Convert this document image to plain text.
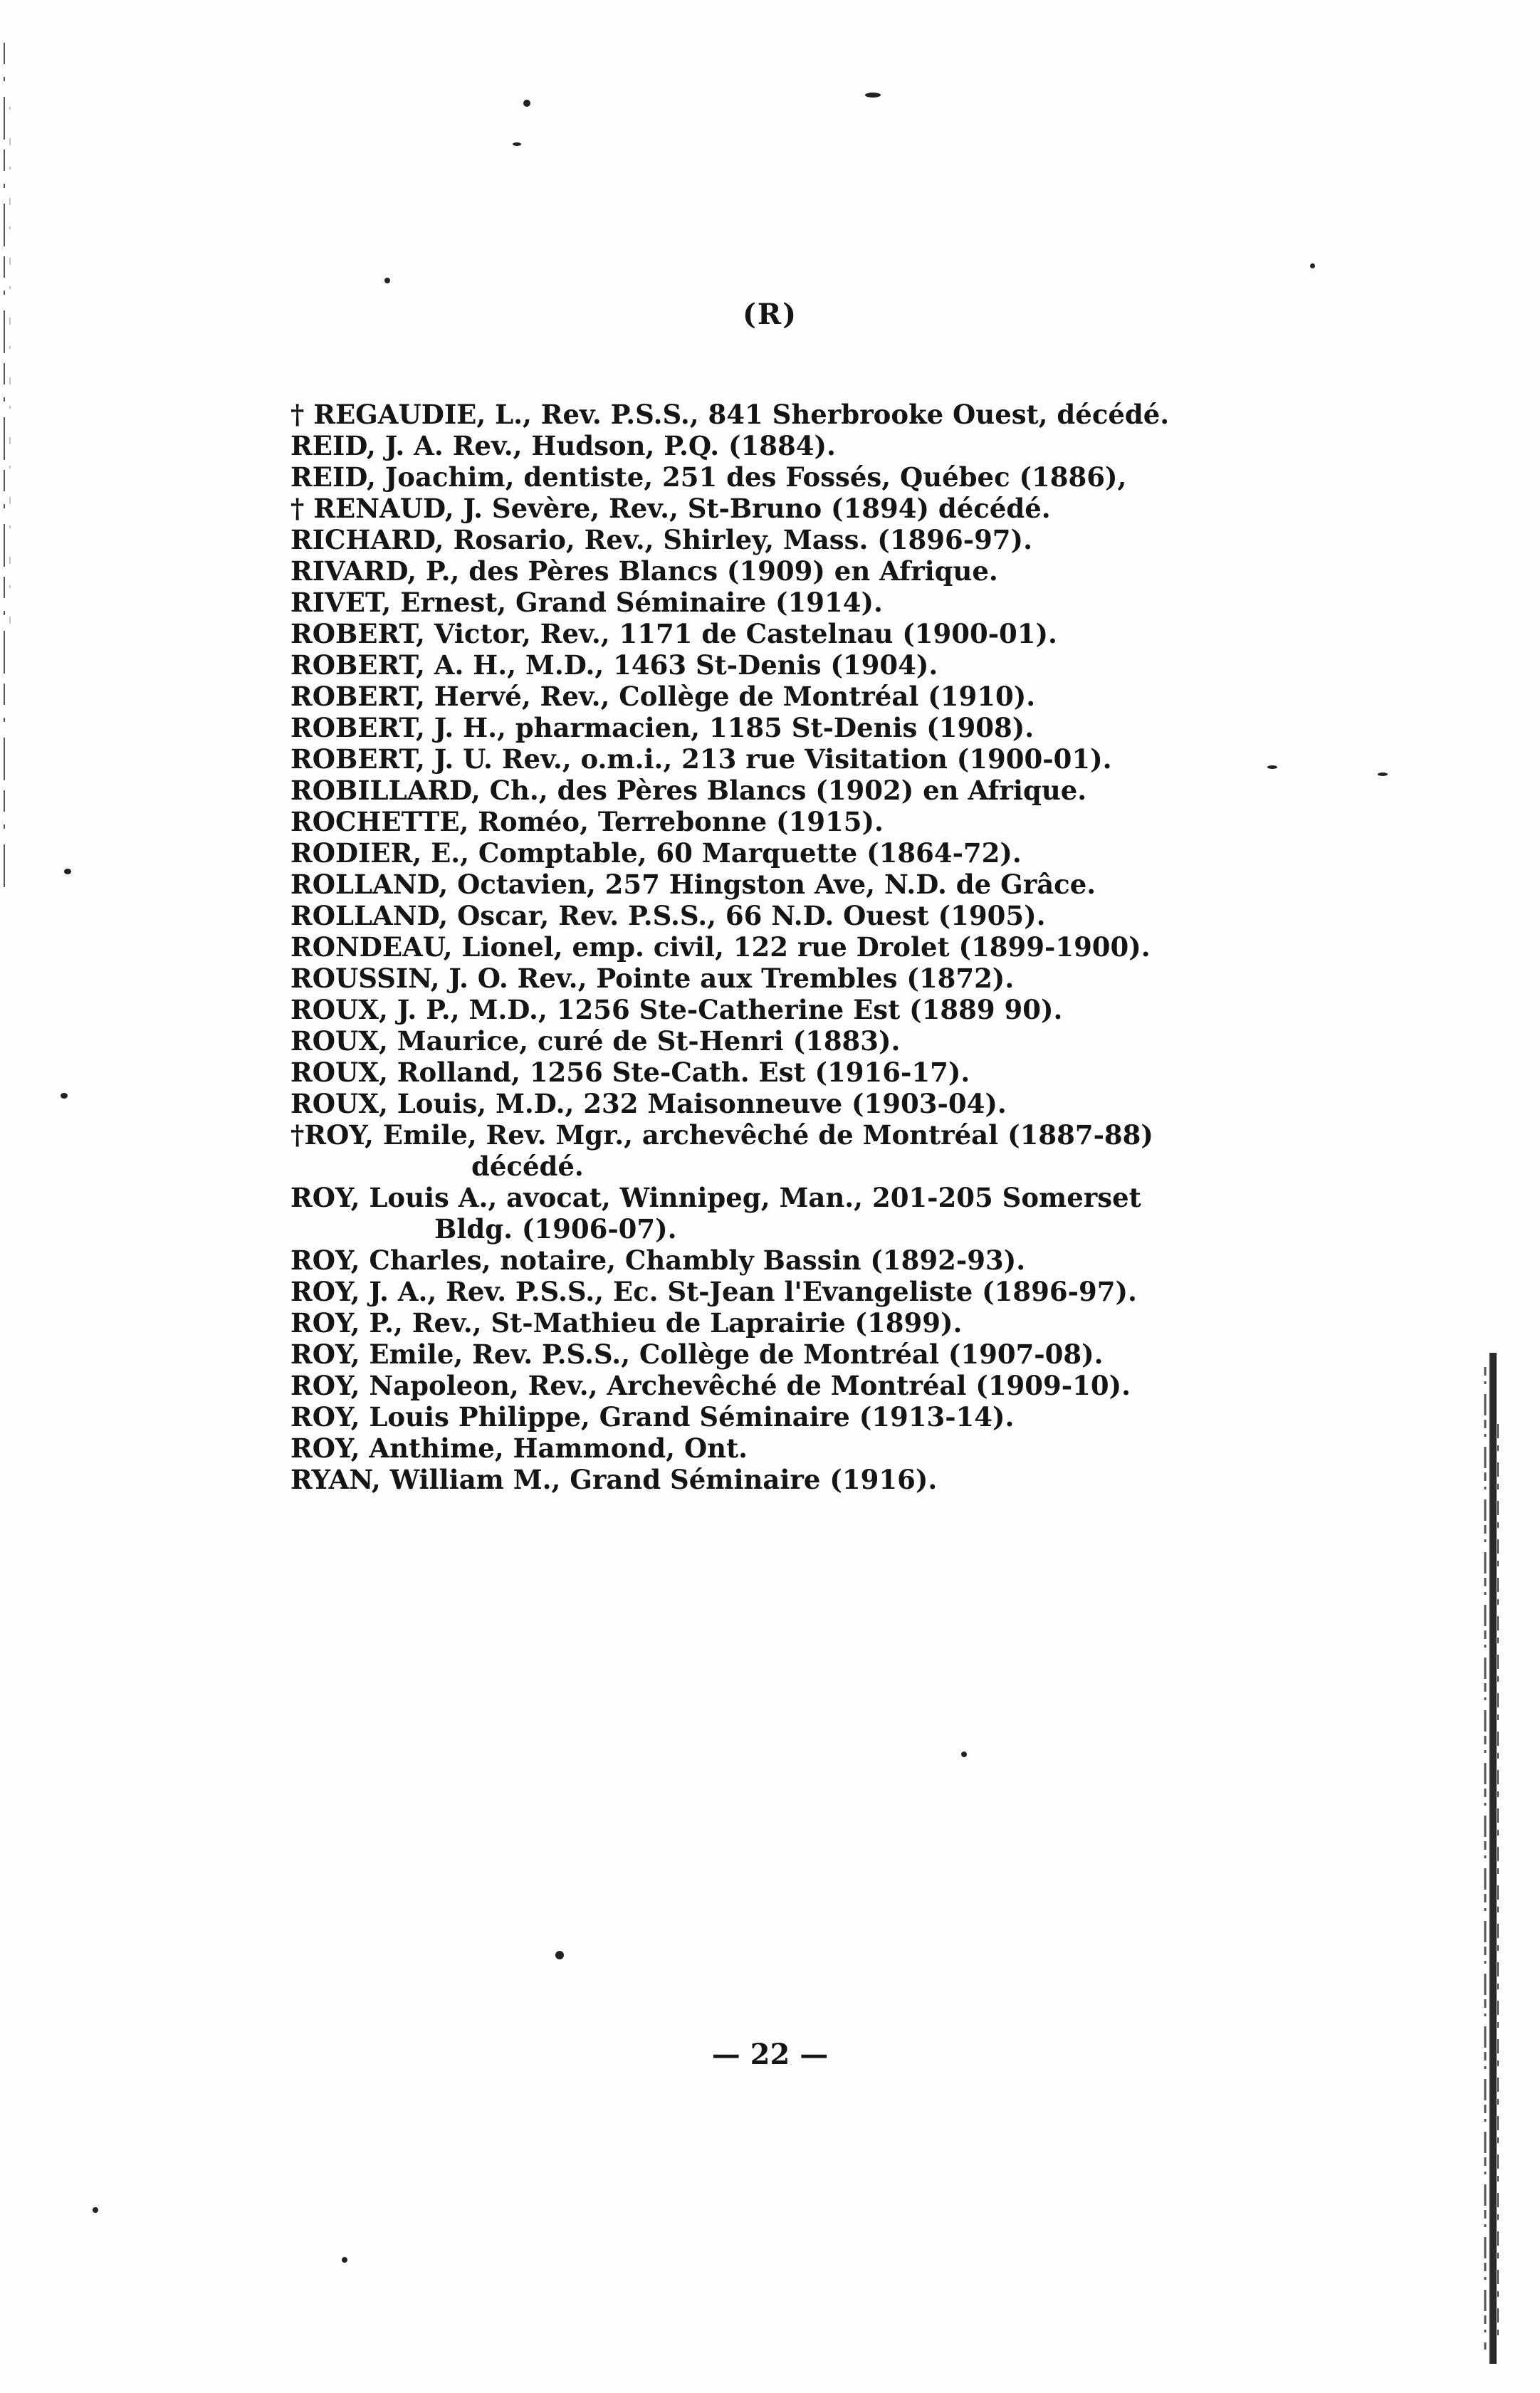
(R)
† REGAUDIE, L., Rev. P.S.S., 841 Sherbrooke Ouest, décédé.
REID, J. A. Rev., Hudson, P.Q. (1884).
REID, Joachim, dentiste, 251 des Fossés, Québec (1886),
† RENAUD, J. Sevère, Rev., St-Bruno (1894) décédé.
RICHARD, Rosario, Rev., Shirley, Mass. (1896-97).
RIVARD, P., des Pères Blancs (1909) en Afrique.
RIVET, Ernest, Grand Séminaire (1914).
ROBERT, Victor, Rev., 1171 de Castelnau (1900-01).
ROBERT, A. H., M.D., 1463 St-Denis (1904).
ROBERT, Hervé, Rev., Collège de Montréal (1910).
ROBERT, J. H., pharmacien, 1185 St-Denis (1908).
ROBERT, J. U. Rev., o.m.i., 213 rue Visitation (1900-01).
ROBILLARD, Ch., des Pères Blancs (1902) en Afrique.
ROCHETTE, Roméo, Terrebonne (1915).
RODIER, E., Comptable, 60 Marquette (1864-72).
ROLLAND, Octavien, 257 Hingston Ave, N.D. de Grâce.
ROLLAND, Oscar, Rev. P.S.S., 66 N.D. Ouest (1905).
RONDEAU, Lionel, emp. civil, 122 rue Drolet (1899-1900).
ROUSSIN, J. O. Rev., Pointe aux Trembles (1872).
ROUX, J. P., M.D., 1256 Ste-Catherine Est (1889 90).
ROUX, Maurice, curé de St-Henri (1883).
ROUX, Rolland, 1256 Ste-Cath. Est (1916-17).
ROUX, Louis, M.D., 232 Maisonneuve (1903-04).
†ROY, Emile, Rev. Mgr., archevêché de Montréal (1887-88)
décédé.
ROY, Louis A., avocat, Winnipeg, Man., 201-205 Somerset
Bldg. (1906-07).
ROY, Charles, notaire, Chambly Bassin (1892-93).
ROY, J. A., Rev. P.S.S., Ec. St-Jean l'Evangeliste (1896-97).
ROY, P., Rev., St-Mathieu de Laprairie (1899).
ROY, Emile, Rev. P.S.S., Collège de Montréal (1907-08).
ROY, Napoleon, Rev., Archevêché de Montréal (1909-10).
ROY, Louis Philippe, Grand Séminaire (1913-14).
ROY, Anthime, Hammond, Ont.
RYAN, William M., Grand Séminaire (1916).
— 22 —
